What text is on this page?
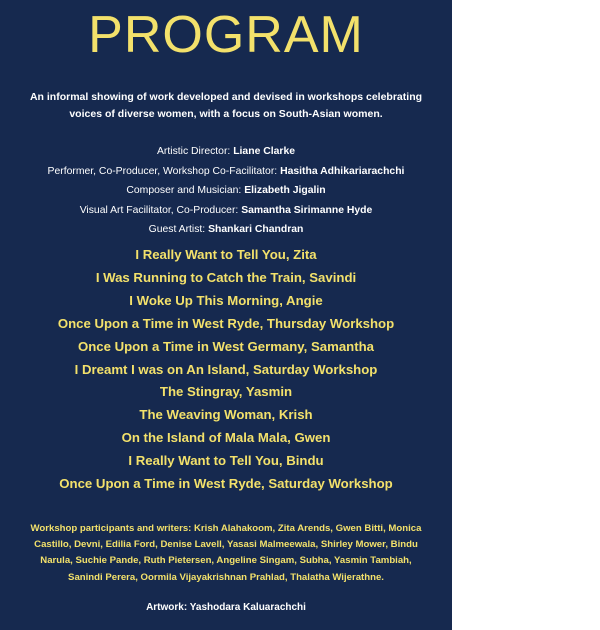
PROGRAM
An informal showing of work developed and devised in workshops celebrating voices of diverse women, with a focus on South-Asian women.
Artistic Director: Liane Clarke
Performer, Co-Producer, Workshop Co-Facilitator: Hasitha Adhikariarachchi
Composer and Musician: Elizabeth Jigalin
Visual Art Facilitator, Co-Producer: Samantha Sirimanne Hyde
Guest Artist: Shankari Chandran
I Really Want to Tell You, Zita
I Was Running to Catch the Train, Savindi
I Woke Up This Morning, Angie
Once Upon a Time in West Ryde, Thursday Workshop
Once Upon a Time in West Germany, Samantha
I Dreamt I was on An Island, Saturday Workshop
The Stingray, Yasmin
The Weaving Woman, Krish
On the Island of Mala Mala, Gwen
I Really Want to Tell You, Bindu
Once Upon a Time in West Ryde, Saturday Workshop
Workshop participants and writers: Krish Alahakoom, Zita Arends, Gwen Bitti, Monica Castillo, Devni, Edilia Ford, Denise Lavell, Yasasi Malmeewala, Shirley Mower, Bindu Narula, Suchie Pande, Ruth Pietersen, Angeline Singam, Subha, Yasmin Tambiah, Sanindi Perera, Oormila Vijayakrishnan Prahlad, Thalatha Wijerathne.
Artwork: Yashodara Kaluarachchi
